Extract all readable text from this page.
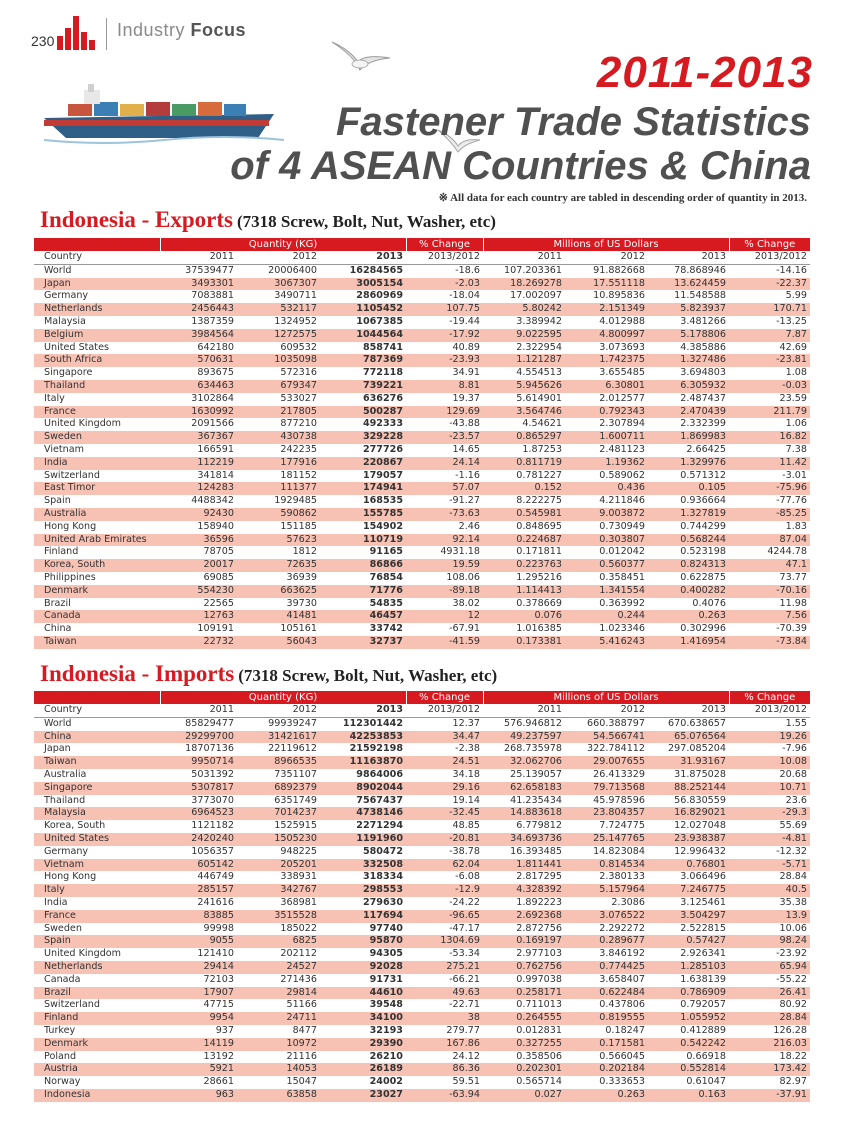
230
Industry Focus
2011-2013
Fastener Trade Statistics
of 4 ASEAN Countries & China
※ All data for each country are tabled in descending order of quantity in 2013.
Indonesia - Exports (7318 Screw, Bolt, Nut, Washer, etc)
	Quantity (KG)			% Change	Millions of US Dollars			% Change
Country	2011	2012	2013	2013/2012	2011	2012	2013	2013/2012
World	37539477	20006400	16284565	-18.6	107.203361	91.882668	78.868946	-14.16
Japan	3493301	3067307	3005154	-2.03	18.269278	17.551118	13.624459	-22.37
Germany	7083881	3490711	2860969	-18.04	17.002097	10.895836	11.548588	5.99
Netherlands	2456443	532117	1105452	107.75	5.80242	2.151349	5.823937	170.71
Malaysia	1387359	1324952	1067385	-19.44	3.389942	4.012988	3.481266	-13.25
Belgium	3984564	1272575	1044564	-17.92	9.022595	4.800997	5.178806	7.87
United States	642180	609532	858741	40.89	2.322954	3.073693	4.385886	42.69
South Africa	570631	1035098	787369	-23.93	1.121287	1.742375	1.327486	-23.81
Singapore	893675	572316	772118	34.91	4.554513	3.655485	3.694803	1.08
Thailand	634463	679347	739221	8.81	5.945626	6.30801	6.305932	-0.03
Italy	3102864	533027	636276	19.37	5.614901	2.012577	2.487437	23.59
France	1630992	217805	500287	129.69	3.564746	0.792343	2.470439	211.79
United Kingdom	2091566	877210	492333	-43.88	4.54621	2.307894	2.332399	1.06
Sweden	367367	430738	329228	-23.57	0.865297	1.600711	1.869983	16.82
Vietnam	166591	242235	277726	14.65	1.87253	2.481123	2.66425	7.38
India	112219	177916	220867	24.14	0.811719	1.19362	1.329976	11.42
Switzerland	341814	181152	179057	-1.16	0.781227	0.589062	0.571312	-3.01
East Timor	124283	111377	174941	57.07	0.152	0.436	0.105	-75.96
Spain	4488342	1929485	168535	-91.27	8.222275	4.211846	0.936664	-77.76
Australia	92430	590862	155785	-73.63	0.545981	9.003872	1.327819	-85.25
Hong Kong	158940	151185	154902	2.46	0.848695	0.730949	0.744299	1.83
United Arab Emirates	36596	57623	110719	92.14	0.224687	0.303807	0.568244	87.04
Finland	78705	1812	91165	4931.18	0.171811	0.012042	0.523198	4244.78
Korea, South	20017	72635	86866	19.59	0.223763	0.560377	0.824313	47.1
Philippines	69085	36939	76854	108.06	1.295216	0.358451	0.622875	73.77
Denmark	554230	663625	71776	-89.18	1.114413	1.341554	0.400282	-70.16
Brazil	22565	39730	54835	38.02	0.378669	0.363992	0.4076	11.98
Canada	12763	41481	46457	12	0.076	0.244	0.263	7.56
China	109191	105161	33742	-67.91	1.016385	1.023346	0.302996	-70.39
Taiwan	22732	56043	32737	-41.59	0.173381	5.416243	1.416954	-73.84
Indonesia - Imports (7318 Screw, Bolt, Nut, Washer, etc)
	Quantity (KG)			% Change	Millions of US Dollars			% Change
Country	2011	2012	2013	2013/2012	2011	2012	2013	2013/2012
World	85829477	99939247	112301442	12.37	576.946812	660.388797	670.638657	1.55
China	29299700	31421617	42253853	34.47	49.237597	54.566741	65.076564	19.26
Japan	18707136	22119612	21592198	-2.38	268.735978	322.784112	297.085204	-7.96
Taiwan	9950714	8966535	11163870	24.51	32.062706	29.007655	31.93167	10.08
Australia	5031392	7351107	9864006	34.18	25.139057	26.413329	31.875028	20.68
Singapore	5307817	6892379	8902044	29.16	62.658183	79.713568	88.252144	10.71
Thailand	3773070	6351749	7567437	19.14	41.235434	45.978596	56.830559	23.6
Malaysia	6964523	7014237	4738146	-32.45	14.883618	23.804357	16.829021	-29.3
Korea, South	1121182	1525915	2271294	48.85	6.779812	7.724775	12.027048	55.69
United States	2420240	1505230	1191960	-20.81	34.693736	25.147765	23.938387	-4.81
Germany	1056357	948225	580472	-38.78	16.393485	14.823084	12.996432	-12.32
Vietnam	605142	205201	332508	62.04	1.811441	0.814534	0.76801	-5.71
Hong Kong	446749	338931	318334	-6.08	2.817295	2.380133	3.066496	28.84
Italy	285157	342767	298553	-12.9	4.328392	5.157964	7.246775	40.5
India	241616	368981	279630	-24.22	1.892223	2.3086	3.125461	35.38
France	83885	3515528	117694	-96.65	2.692368	3.076522	3.504297	13.9
Sweden	99998	185022	97740	-47.17	2.872756	2.292272	2.522815	10.06
Spain	9055	6825	95870	1304.69	0.169197	0.289677	0.57427	98.24
United Kingdom	121410	202112	94305	-53.34	2.977103	3.846192	2.926341	-23.92
Netherlands	29414	24527	92028	275.21	0.762756	0.774425	1.285103	65.94
Canada	72103	271436	91731	-66.21	0.997038	3.658407	1.638139	-55.22
Brazil	17907	29814	44610	49.63	0.258171	0.622484	0.786909	26.41
Switzerland	47715	51166	39548	-22.71	0.711013	0.437806	0.792057	80.92
Finland	9954	24711	34100	38	0.264555	0.819555	1.055952	28.84
Turkey	937	8477	32193	279.77	0.012831	0.18247	0.412889	126.28
Denmark	14119	10972	29390	167.86	0.327255	0.171581	0.542242	216.03
Poland	13192	21116	26210	24.12	0.358506	0.566045	0.66918	18.22
Austria	5921	14053	26189	86.36	0.202301	0.202184	0.552814	173.42
Norway	28661	15047	24002	59.51	0.565714	0.333653	0.61047	82.97
Indonesia	963	63858	23027	-63.94	0.027	0.263	0.163	-37.91
